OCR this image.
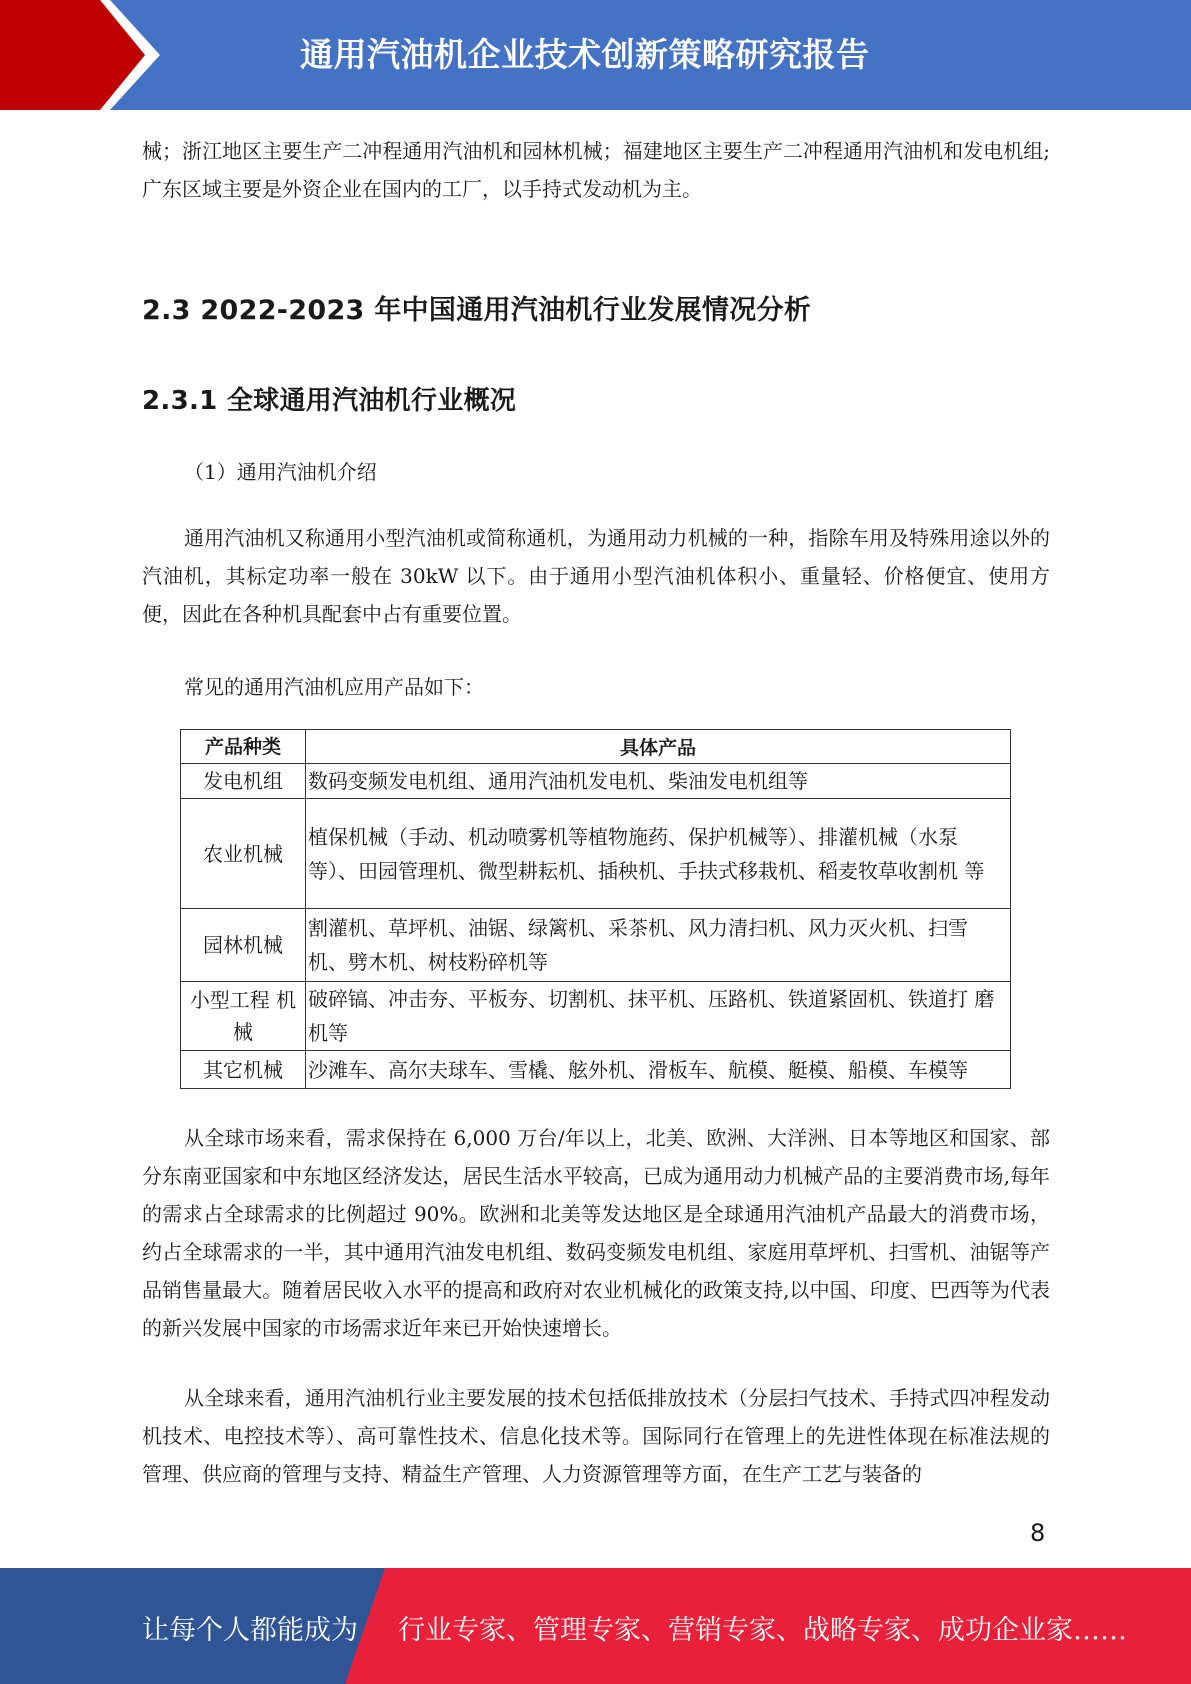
通用汽油机企业技术创新策略研究报告
械；浙江地区主要生产二冲程通用汽油机和园林机械；福建地区主要生产二冲程通用汽油机和发电机组;广东区域主要是外资企业在国内的工厂，以手持式发动机为主。
2.3 2022-2023 年中国通用汽油机行业发展情况分析
2.3.1 全球通用汽油机行业概况
（1）通用汽油机介绍
通用汽油机又称通用小型汽油机或简称通机，为通用动力机械的一种，指除车用及特殊用途以外的汽油机，其标定功率一般在 30kW 以下。由于通用小型汽油机体积小、重量轻、价格便宜、使用方便，因此在各种机具配套中占有重要位置。
常见的通用汽油机应用产品如下：
产品种类	具体产品
发电机组	数码变频发电机组、通用汽油机发电机、柴油发电机组等
农业机械	植保机械（手动、机动喷雾机等植物施药、保护机械等）、排灌机械（水泵 等）、田园管理机、微型耕耘机、插秧机、手扶式移栽机、稻麦牧草收割机 等
园林机械	割灌机、草坪机、油锯、绿篱机、采茶机、风力清扫机、风力灭火机、扫雪 机、劈木机、树枝粉碎机等
小型工程 机械	破碎镐、冲击夯、平板夯、切割机、抹平机、压路机、铁道紧固机、铁道打 磨机等
其它机械	沙滩车、高尔夫球车、雪橇、舷外机、滑板车、航模、艇模、船模、车模等
从全球市场来看，需求保持在 6,000 万台/年以上，北美、欧洲、大洋洲、日本等地区和国家、部分东南亚国家和中东地区经济发达，居民生活水平较高，已成为通用动力机械产品的主要消费市场,每年的需求占全球需求的比例超过 90%。欧洲和北美等发达地区是全球通用汽油机产品最大的消费市场，约占全球需求的一半，其中通用汽油发电机组、数码变频发电机组、家庭用草坪机、扫雪机、油锯等产品销售量最大。随着居民收入水平的提高和政府对农业机械化的政策支持,以中国、印度、巴西等为代表的新兴发展中国家的市场需求近年来已开始快速增长。
从全球来看，通用汽油机行业主要发展的技术包括低排放技术（分层扫气技术、手持式四冲程发动机技术、电控技术等）、高可靠性技术、信息化技术等。国际同行在管理上的先进性体现在标准法规的管理、供应商的管理与支持、精益生产管理、人力资源管理等方面，在生产工艺与装备的
8
让每个人都能成为 行业专家、管理专家、营销专家、战略专家、成功企业家……
